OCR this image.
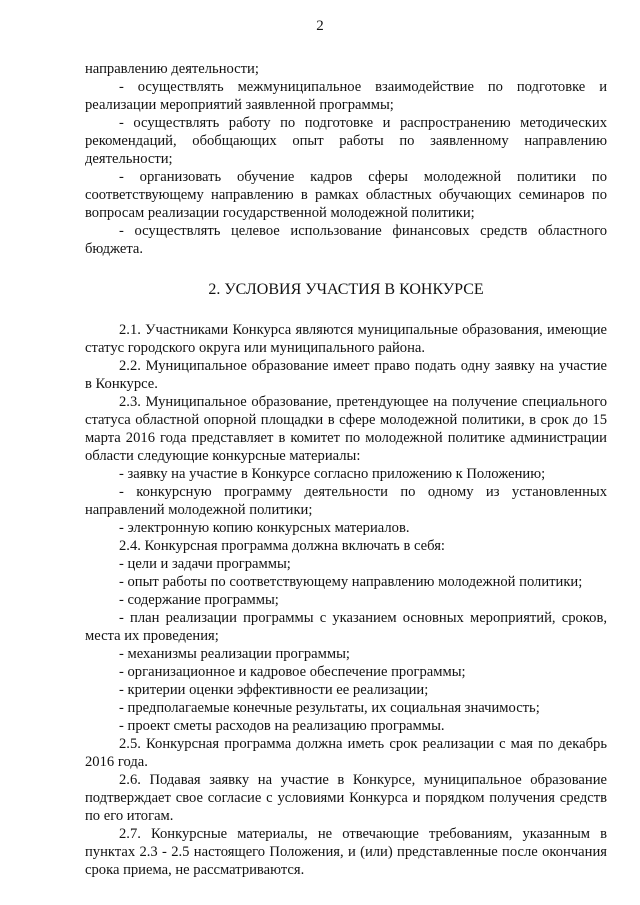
2

направлению деятельности;

- осуществлять межмуниципальное взаимодействие по подготовке и реализации мероприятий заявленной программы;

- осуществлять работу по подготовке и распространению методических рекомендаций, обобщающих опыт работы по заявленному направлению деятельности;

- организовать обучение кадров сферы молодежной политики по соответствующему направлению в рамках областных обучающих семинаров по вопросам реализации государственной молодежной политики;

- осуществлять целевое использование финансовых средств областного бюджета.

2. УСЛОВИЯ УЧАСТИЯ В КОНКУРСЕ

2.1. Участниками Конкурса являются муниципальные образования, имеющие статус городского округа или муниципального района.

2.2. Муниципальное образование имеет право подать одну заявку на участие в Конкурсе.

2.3. Муниципальное образование, претендующее на получение специального статуса областной опорной площадки в сфере молодежной политики, в срок до 15 марта 2016 года представляет в комитет по молодежной политике администрации области следующие конкурсные материалы:

- заявку на участие в Конкурсе согласно приложению к Положению;

- конкурсную программу деятельности по одному из установленных направлений молодежной политики;

- электронную копию конкурсных материалов.

2.4. Конкурсная программа должна включать в себя:

- цели и задачи программы;

- опыт работы по соответствующему направлению молодежной политики;

- содержание программы;

- план реализации программы с указанием основных мероприятий, сроков, места их проведения;

- механизмы реализации программы;

- организационное и кадровое обеспечение программы;

- критерии оценки эффективности ее реализации;

- предполагаемые конечные результаты, их социальная значимость;

- проект сметы расходов на реализацию программы.

2.5. Конкурсная программа должна иметь срок реализации с мая по декабрь 2016 года.

2.6. Подавая заявку на участие в Конкурсе, муниципальное образование подтверждает свое согласие с условиями Конкурса и порядком получения средств по его итогам.

2.7. Конкурсные материалы, не отвечающие требованиям, указанным в пунктах 2.3 - 2.5 настоящего Положения, и (или) представленные после окончания срока приема, не рассматриваются.
